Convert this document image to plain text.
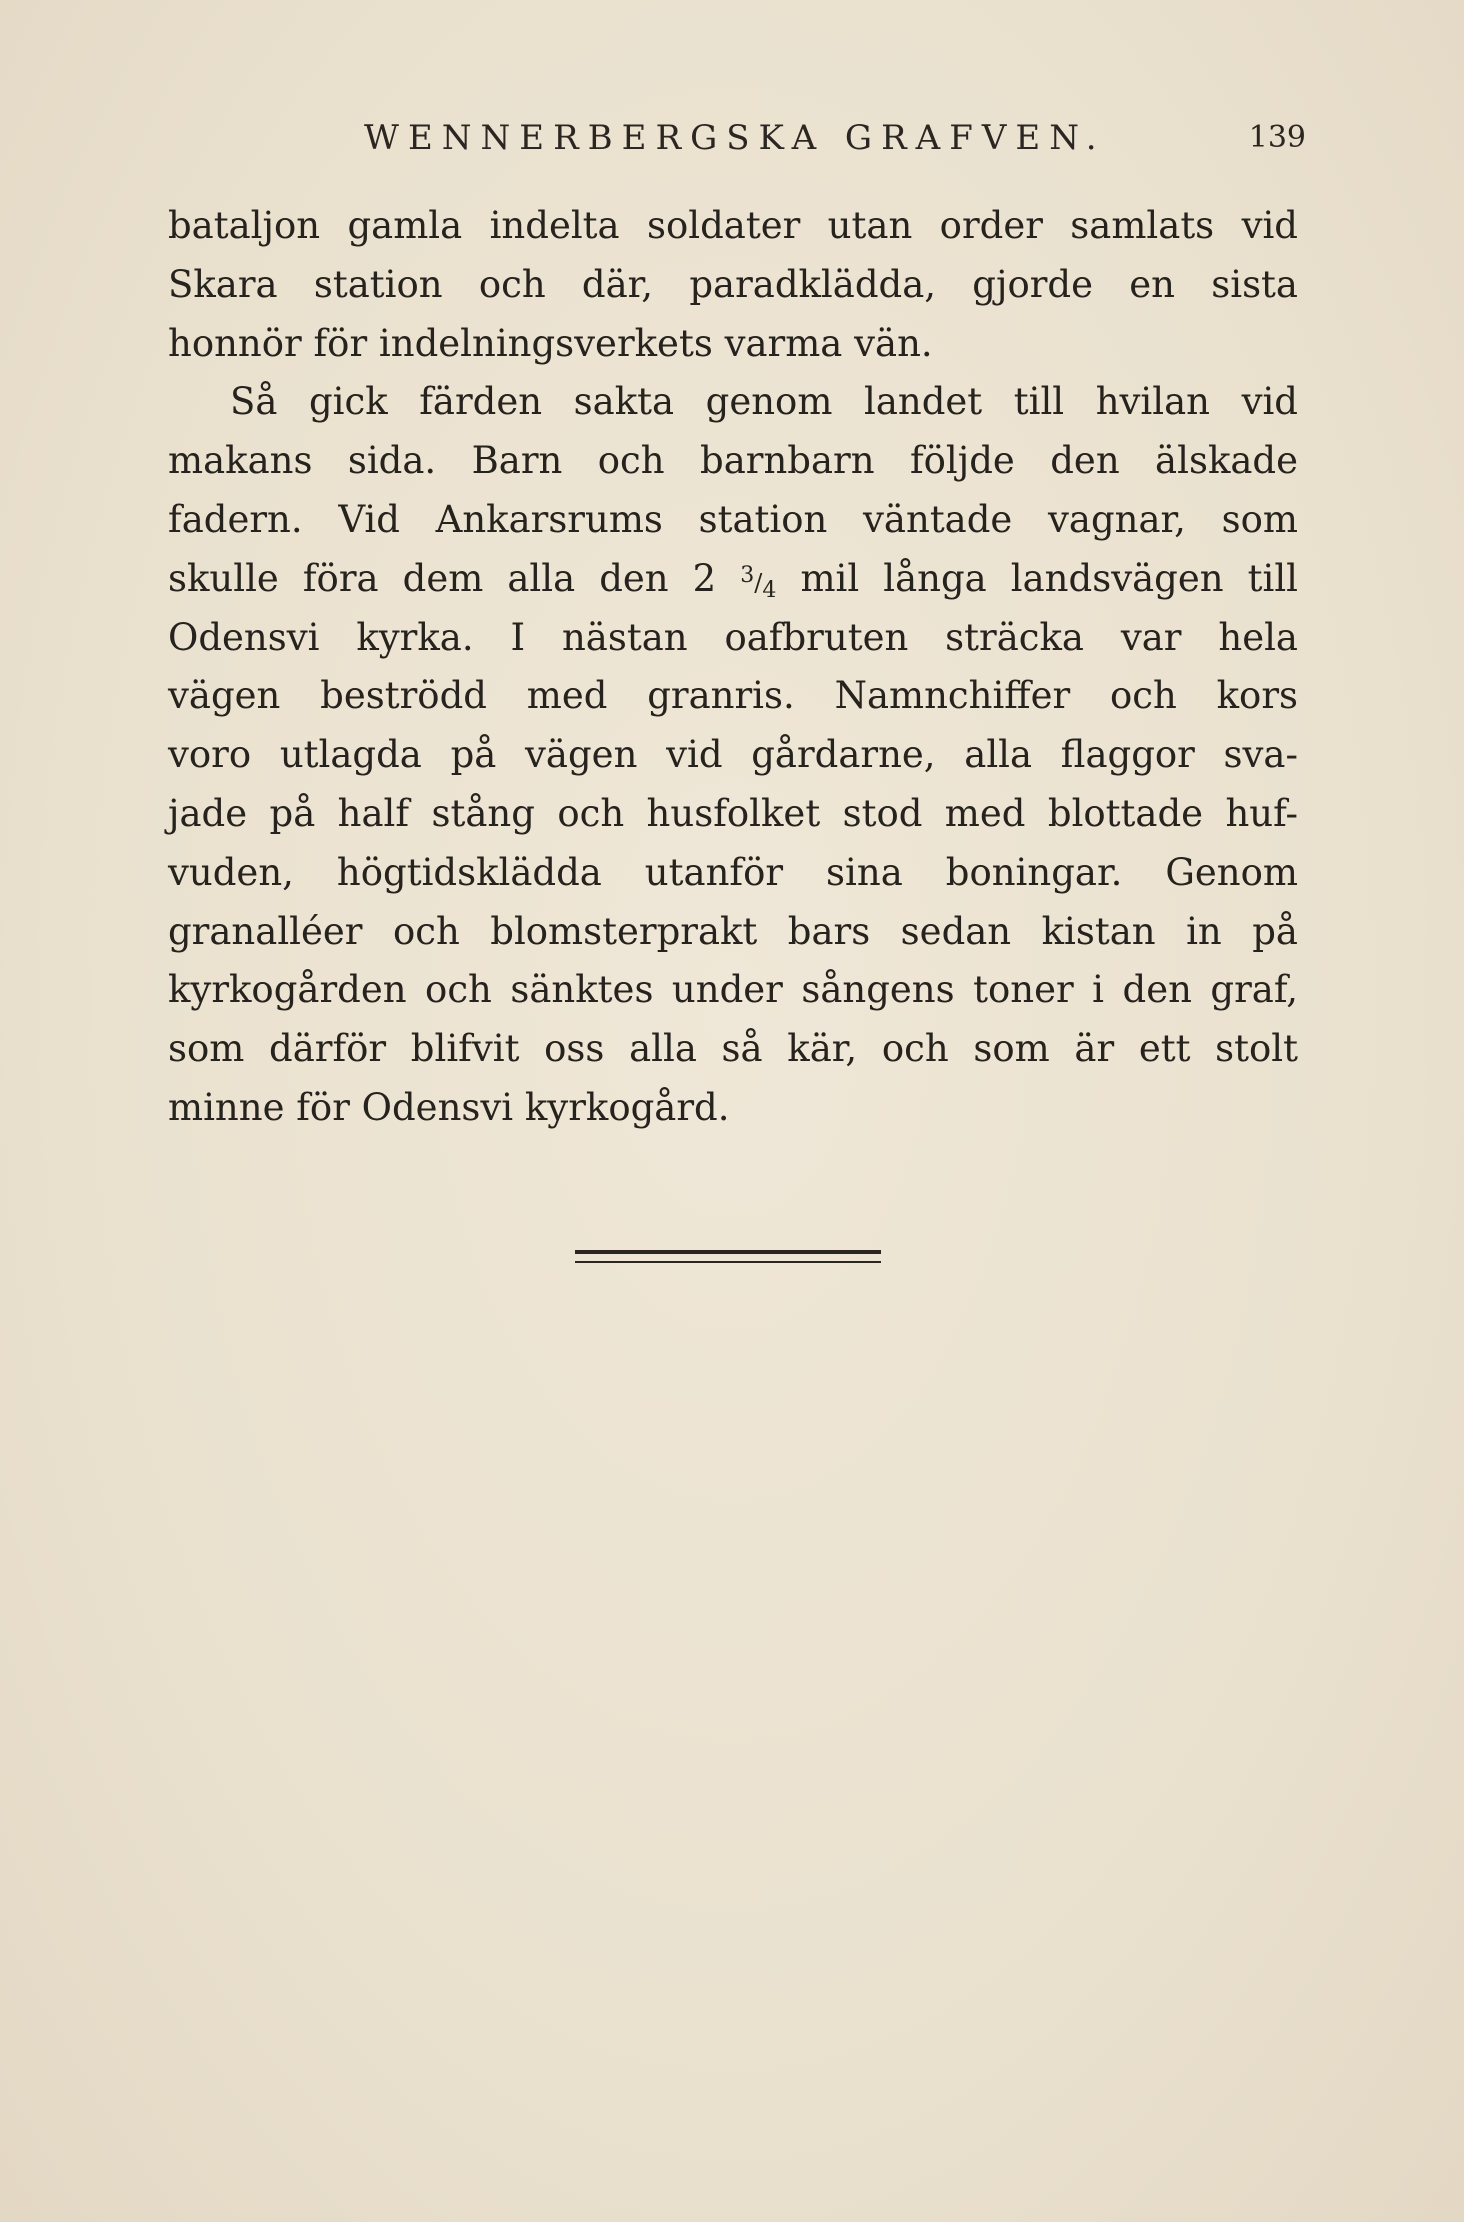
WENNERBERGSKA GRAFVEN.	139
bataljon gamla indelta soldater utan order samlats vid
Skara station och där, paradklädda, gjorde en sista
honnör för indelningsverkets varma vän.
Så gick färden sakta genom landet till hvilan vid
makans sida. Barn och barnbarn följde den älskade
fadern. Vid Ankarsrums station väntade vagnar, som
skulle föra dem alla den 2 $^3/_4$ mil långa landsvägen till
Odensvi kyrka. I nästan oafbruten sträcka var hela
vägen beströdd med granris. Namnchiffer och kors
voro utlagda på vägen vid gårdarne, alla flaggor sva-
jade på half stång och husfolket stod med blottade huf-
vuden, högtidsklädda utanför sina boningar. Genom
granalléer och blomsterprakt bars sedan kistan in på
kyrkogården och sänktes under sångens toner i den graf,
som därför blifvit oss alla så kär, och som är ett stolt
minne för Odensvi kyrkogård.
